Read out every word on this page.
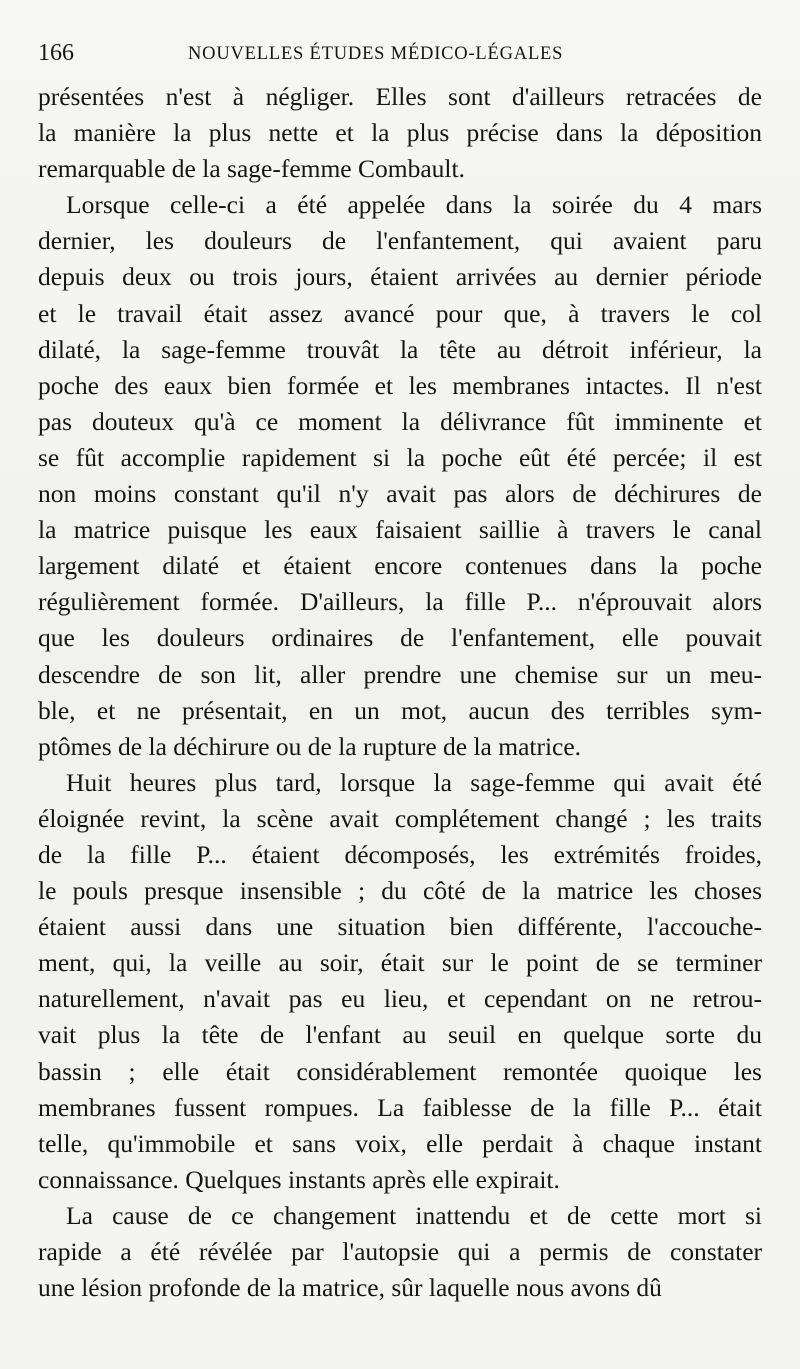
166	NOUVELLES ÉTUDES MÉDICO-LÉGALES
présentées n'est à négliger. Elles sont d'ailleurs retracées de
la manière la plus nette et la plus précise dans la déposition
remarquable de la sage-femme Combault.
Lorsque celle-ci a été appelée dans la soirée du 4 mars
dernier, les douleurs de l'enfantement, qui avaient paru
depuis deux ou trois jours, étaient arrivées au dernier période
et le travail était assez avancé pour que, à travers le col
dilaté, la sage-femme trouvât la tête au détroit inférieur, la
poche des eaux bien formée et les membranes intactes. Il n'est
pas douteux qu'à ce moment la délivrance fût imminente et
se fût accomplie rapidement si la poche eût été percée; il est
non moins constant qu'il n'y avait pas alors de déchirures de
la matrice puisque les eaux faisaient saillie à travers le canal
largement dilaté et étaient encore contenues dans la poche
régulièrement formée. D'ailleurs, la fille P... n'éprouvait alors
que les douleurs ordinaires de l'enfantement, elle pouvait
descendre de son lit, aller prendre une chemise sur un meu-
ble, et ne présentait, en un mot, aucun des terribles sym-
ptômes de la déchirure ou de la rupture de la matrice.
Huit heures plus tard, lorsque la sage-femme qui avait été
éloignée revint, la scène avait complétement changé ; les traits
de la fille P... étaient décomposés, les extrémités froides,
le pouls presque insensible ; du côté de la matrice les choses
étaient aussi dans une situation bien différente, l'accouche-
ment, qui, la veille au soir, était sur le point de se terminer
naturellement, n'avait pas eu lieu, et cependant on ne retrou-
vait plus la tête de l'enfant au seuil en quelque sorte du
bassin ; elle était considérablement remontée quoique les
membranes fussent rompues. La faiblesse de la fille P... était
telle, qu'immobile et sans voix, elle perdait à chaque instant
connaissance. Quelques instants après elle expirait.
La cause de ce changement inattendu et de cette mort si
rapide a été révélée par l'autopsie qui a permis de constater
une lésion profonde de la matrice, sûr laquelle nous avons dû
